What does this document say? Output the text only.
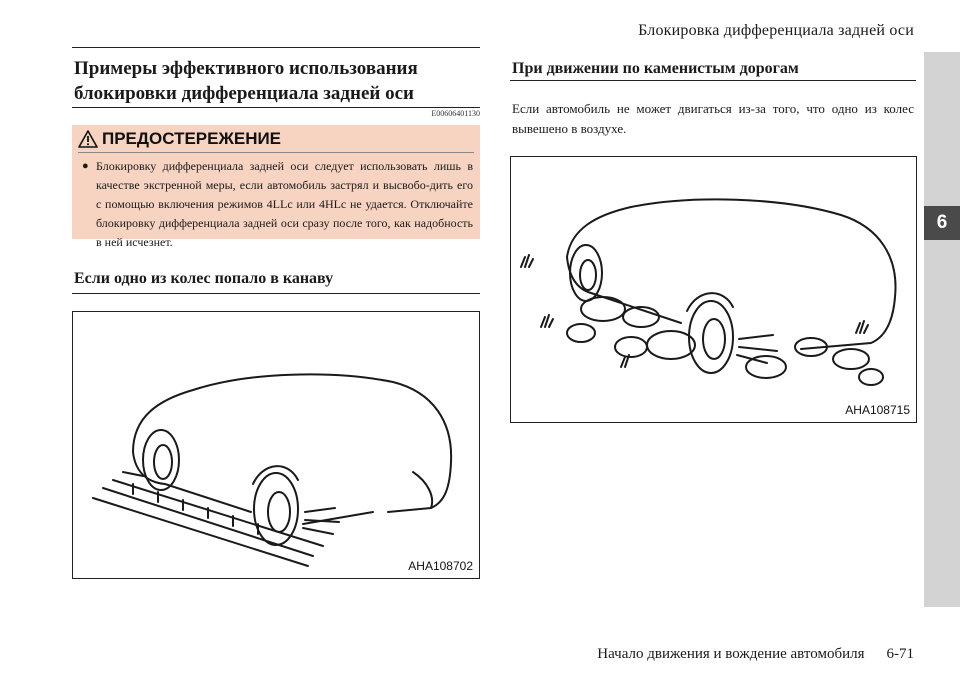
Блокировка дифференциала задней оси
6
Примеры эффективного использования блокировки дифференциала задней оси
E00606401130
ПРЕДОСТЕРЕЖЕНИЕ
● Блокировку дифференциала задней оси следует использовать лишь в качестве экстренной меры, если автомобиль застрял и высвобо-дить его с помощью включения режимов 4LLc или 4HLc не удается. Отключайте блокировку дифференциала задней оси сразу после того, как надобность в ней исчезнет.
Если одно из колес попало в канаву
AHA108702
При движении по каменистым дорогам
Если автомобиль не может двигаться из-за того, что одно из колес вывешено в воздухе.
AHA108715
Начало движения и вождение автомобиля 6-71
